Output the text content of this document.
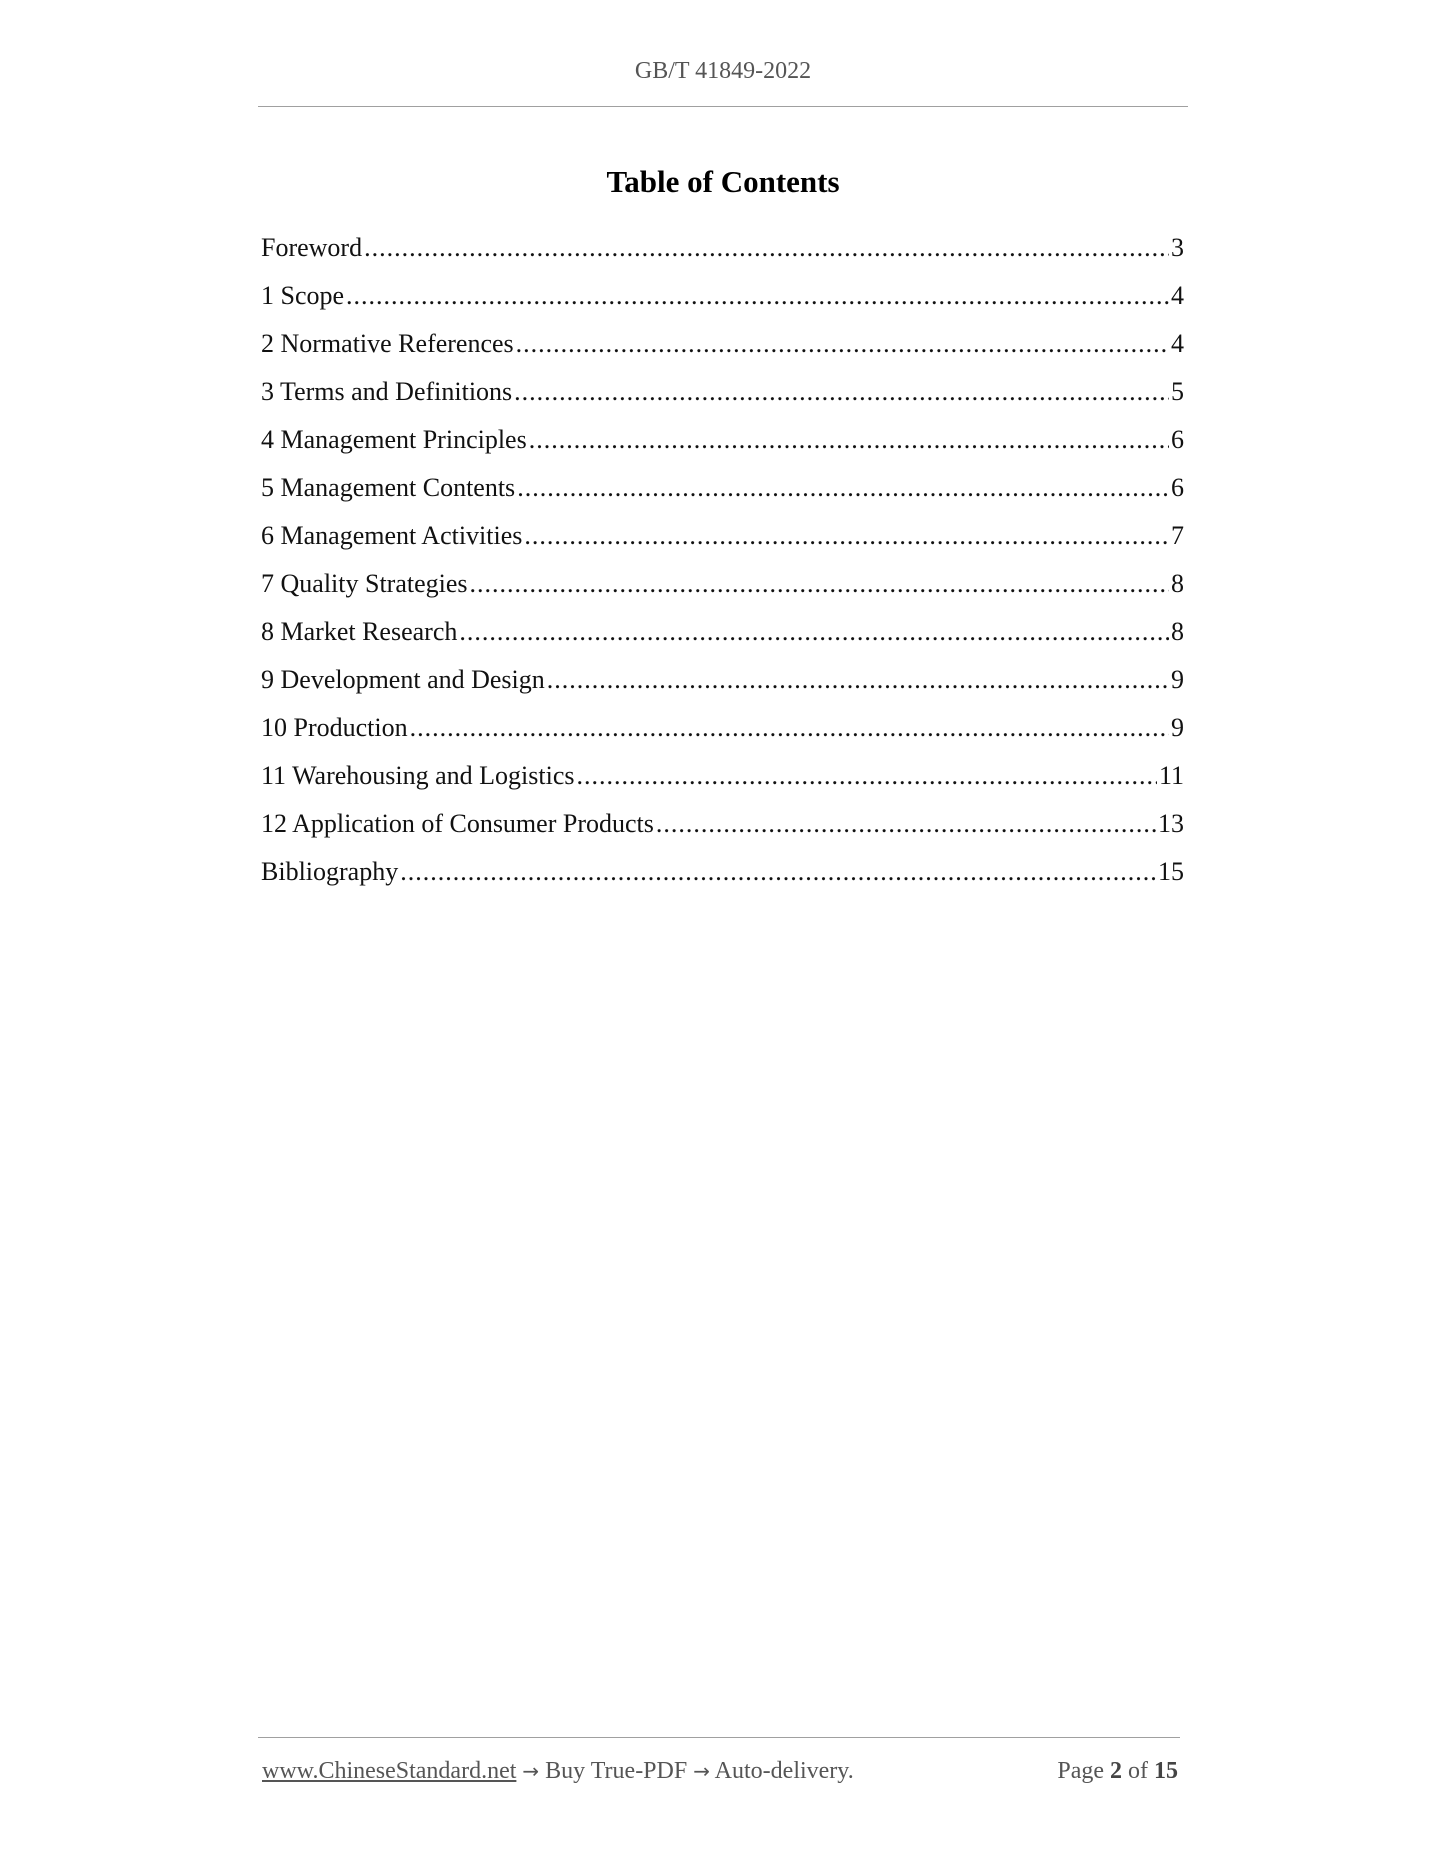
GB/T 41849-2022
Table of Contents
Foreword .....	3
1 Scope .....	4
2 Normative References .....	4
3 Terms and Definitions .....	5
4 Management Principles .....	6
5 Management Contents .....	6
6 Management Activities .....	7
7 Quality Strategies .....	8
8 Market Research .....	8
9 Development and Design .....	9
10 Production .....	9
11 Warehousing and Logistics .....	11
12 Application of Consumer Products .....	13
Bibliography .....	15
www.ChineseStandard.net → Buy True-PDF → Auto-delivery.	Page 2 of 15
